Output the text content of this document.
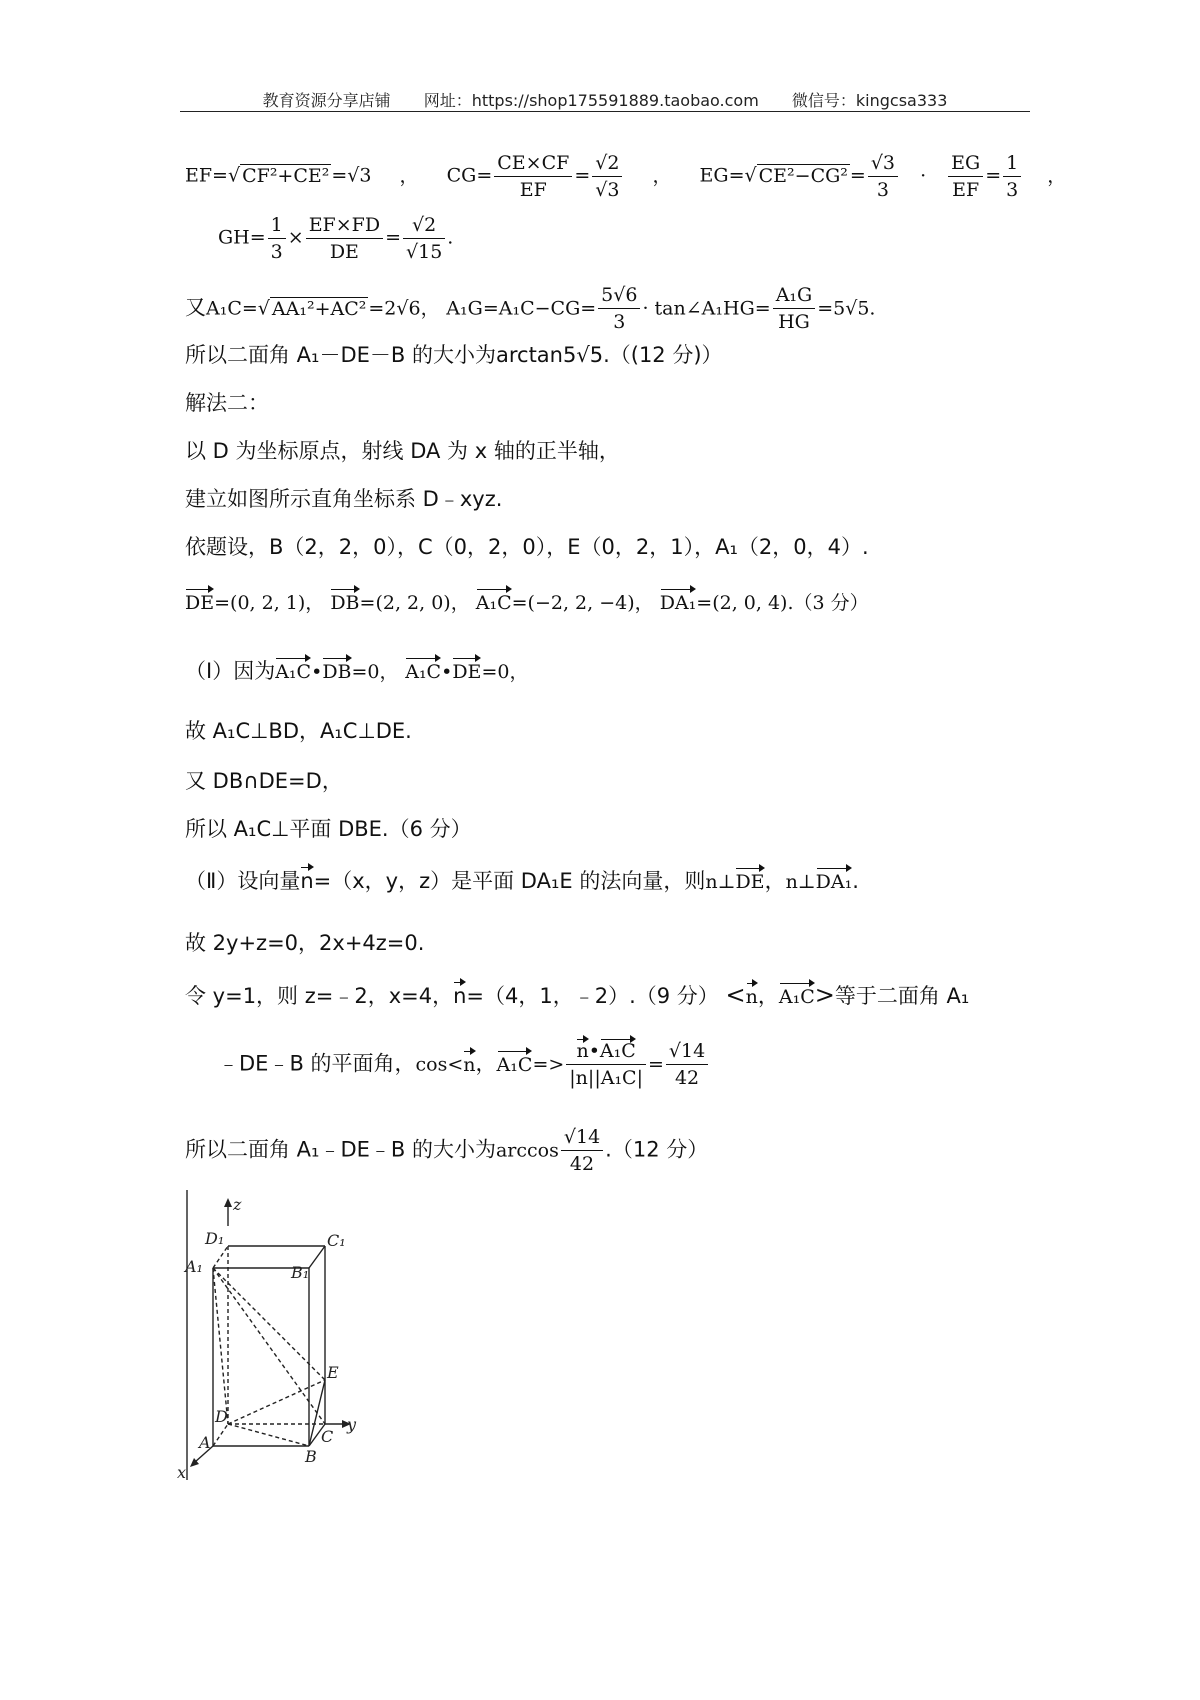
教育资源分享店铺 网址：https://shop175591889.taobao.com 微信号：kingcsa333
EF=√ CF²+CE² =√3 ， $CG= \frac{CE\times CF}{EF} = \frac{√2}{√3}$ ， EG=√ $CE^2-CG^2 = \frac{√3}{3} \cdot \frac{EG}{EF} = \frac{1}{3}$ ，
$GH= \frac{1}{3} \times \frac{EF\times FD}{DE} = \frac{√2}{√15}$ .
又A₁C=√ AA₁²+AC² =2√6， $A_1G=A_1C-CG= \frac{5√6}{3}$ · tan∠A₁HG= $\frac{\text{A₁G}}{HG} =5√5$.
所以二面角 A₁－DE－B 的大小为arctan5√5.（(12 分)）
解法二：
以 D 为坐标原点，射线 DA 为 x 轴的正半轴，
建立如图所示直角坐标系 D﹣xyz.
依题设，B（2，2，0），C（0，2，0），E（0，2，1），A₁（2，0，4）.
DE=(0, 2, 1)， DB=(2, 2, 0)， A₁C=(−2, 2, −4)， DA₁=(2, 0, 4).（3 分）
（Ⅰ）因为A₁C•DB=0， A₁C•DE=0，
故 A₁C⊥BD，A₁C⊥DE.
又 DB∩DE=D，
所以 A₁C⊥平面 DBE.（6 分）
（Ⅱ）设向量n=（x，y，z）是平面 DA₁E 的法向量，则n⊥DE，n⊥DA₁.
故 2y+z=0，2x+4z=0.
令 y=1，则 z=﹣2，x=4，n=（4，1，﹣2）.（9 分） <n，A₁C>等于二面角 A₁
﹣DE﹣B 的平面角，cos<n，$A_1C=> \frac{\text{n•A₁C}}{\text{|n||A₁C|}} = \frac{√14}{42}$
所以二面角 A₁﹣DE﹣B 的大小为$\arccos \frac{√14}{42} .(12$ 分）
z
D₁	C₁
A₁	B₁
E
D	y
C
A
B
x
